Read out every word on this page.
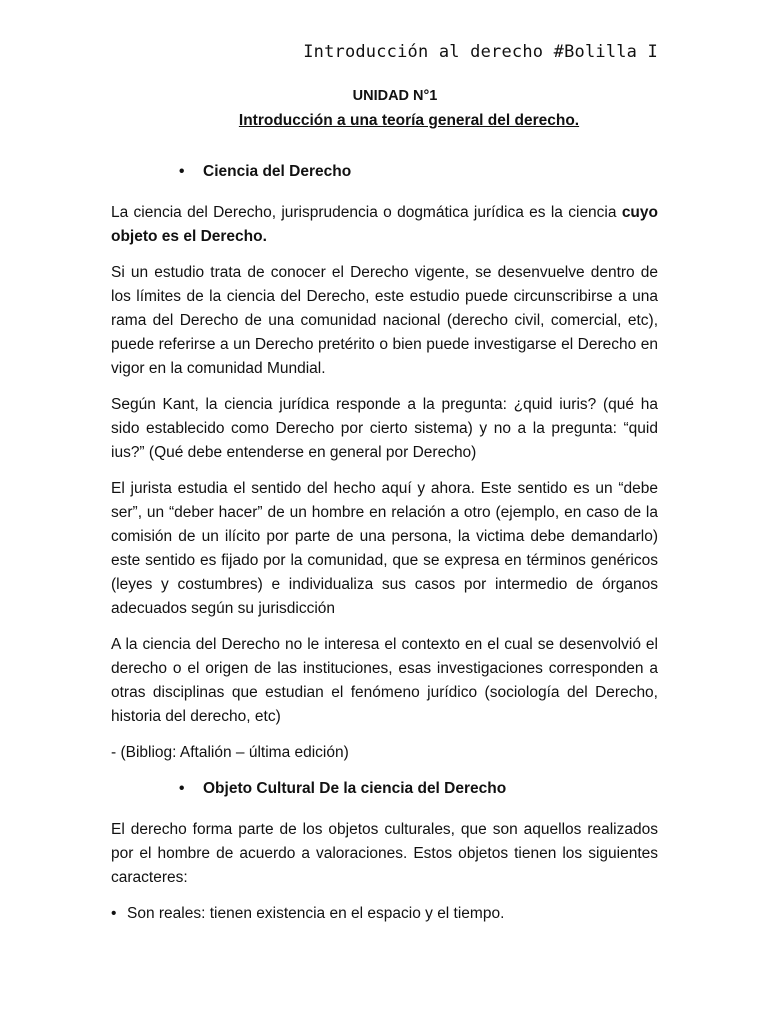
Introducción al derecho #Bolilla I
UNIDAD N°1
Introducción a una teoría general del derecho.
• Ciencia del Derecho

La ciencia del Derecho, jurisprudencia o dogmática jurídica es la ciencia cuyo objeto es el Derecho.

Si un estudio trata de conocer el Derecho vigente, se desenvuelve dentro de los límites de la ciencia del Derecho, este estudio puede circunscribirse a una rama del Derecho de una comunidad nacional (derecho civil, comercial, etc), puede referirse a un Derecho pretérito o bien puede investigarse el Derecho en vigor en la comunidad Mundial.

Según Kant, la ciencia jurídica responde a la pregunta: ¿quid iuris? (qué ha sido establecido como Derecho por cierto sistema) y no a la pregunta: “quid ius?” (Qué debe entenderse en general por Derecho)

El jurista estudia el sentido del hecho aquí y ahora. Este sentido es un “debe ser”, un “deber hacer” de un hombre en relación a otro (ejemplo, en caso de la comisión de un ilícito por parte de una persona, la victima debe demandarlo) este sentido es fijado por la comunidad, que se expresa en términos genéricos (leyes y costumbres) e individualiza sus casos por intermedio de órganos adecuados según su jurisdicción

A la ciencia del Derecho no le interesa el contexto en el cual se desenvolvió el derecho o el origen de las instituciones, esas investigaciones corresponden a otras disciplinas que estudian el fenómeno jurídico (sociología del Derecho, historia del derecho, etc)

- (Bibliog: Aftalión – última edición)

• Objeto Cultural De la ciencia del Derecho

El derecho forma parte de los objetos culturales, que son aquellos realizados por el hombre de acuerdo a valoraciones. Estos objetos tienen los siguientes caracteres:

• Son reales: tienen existencia en el espacio y el tiempo.
